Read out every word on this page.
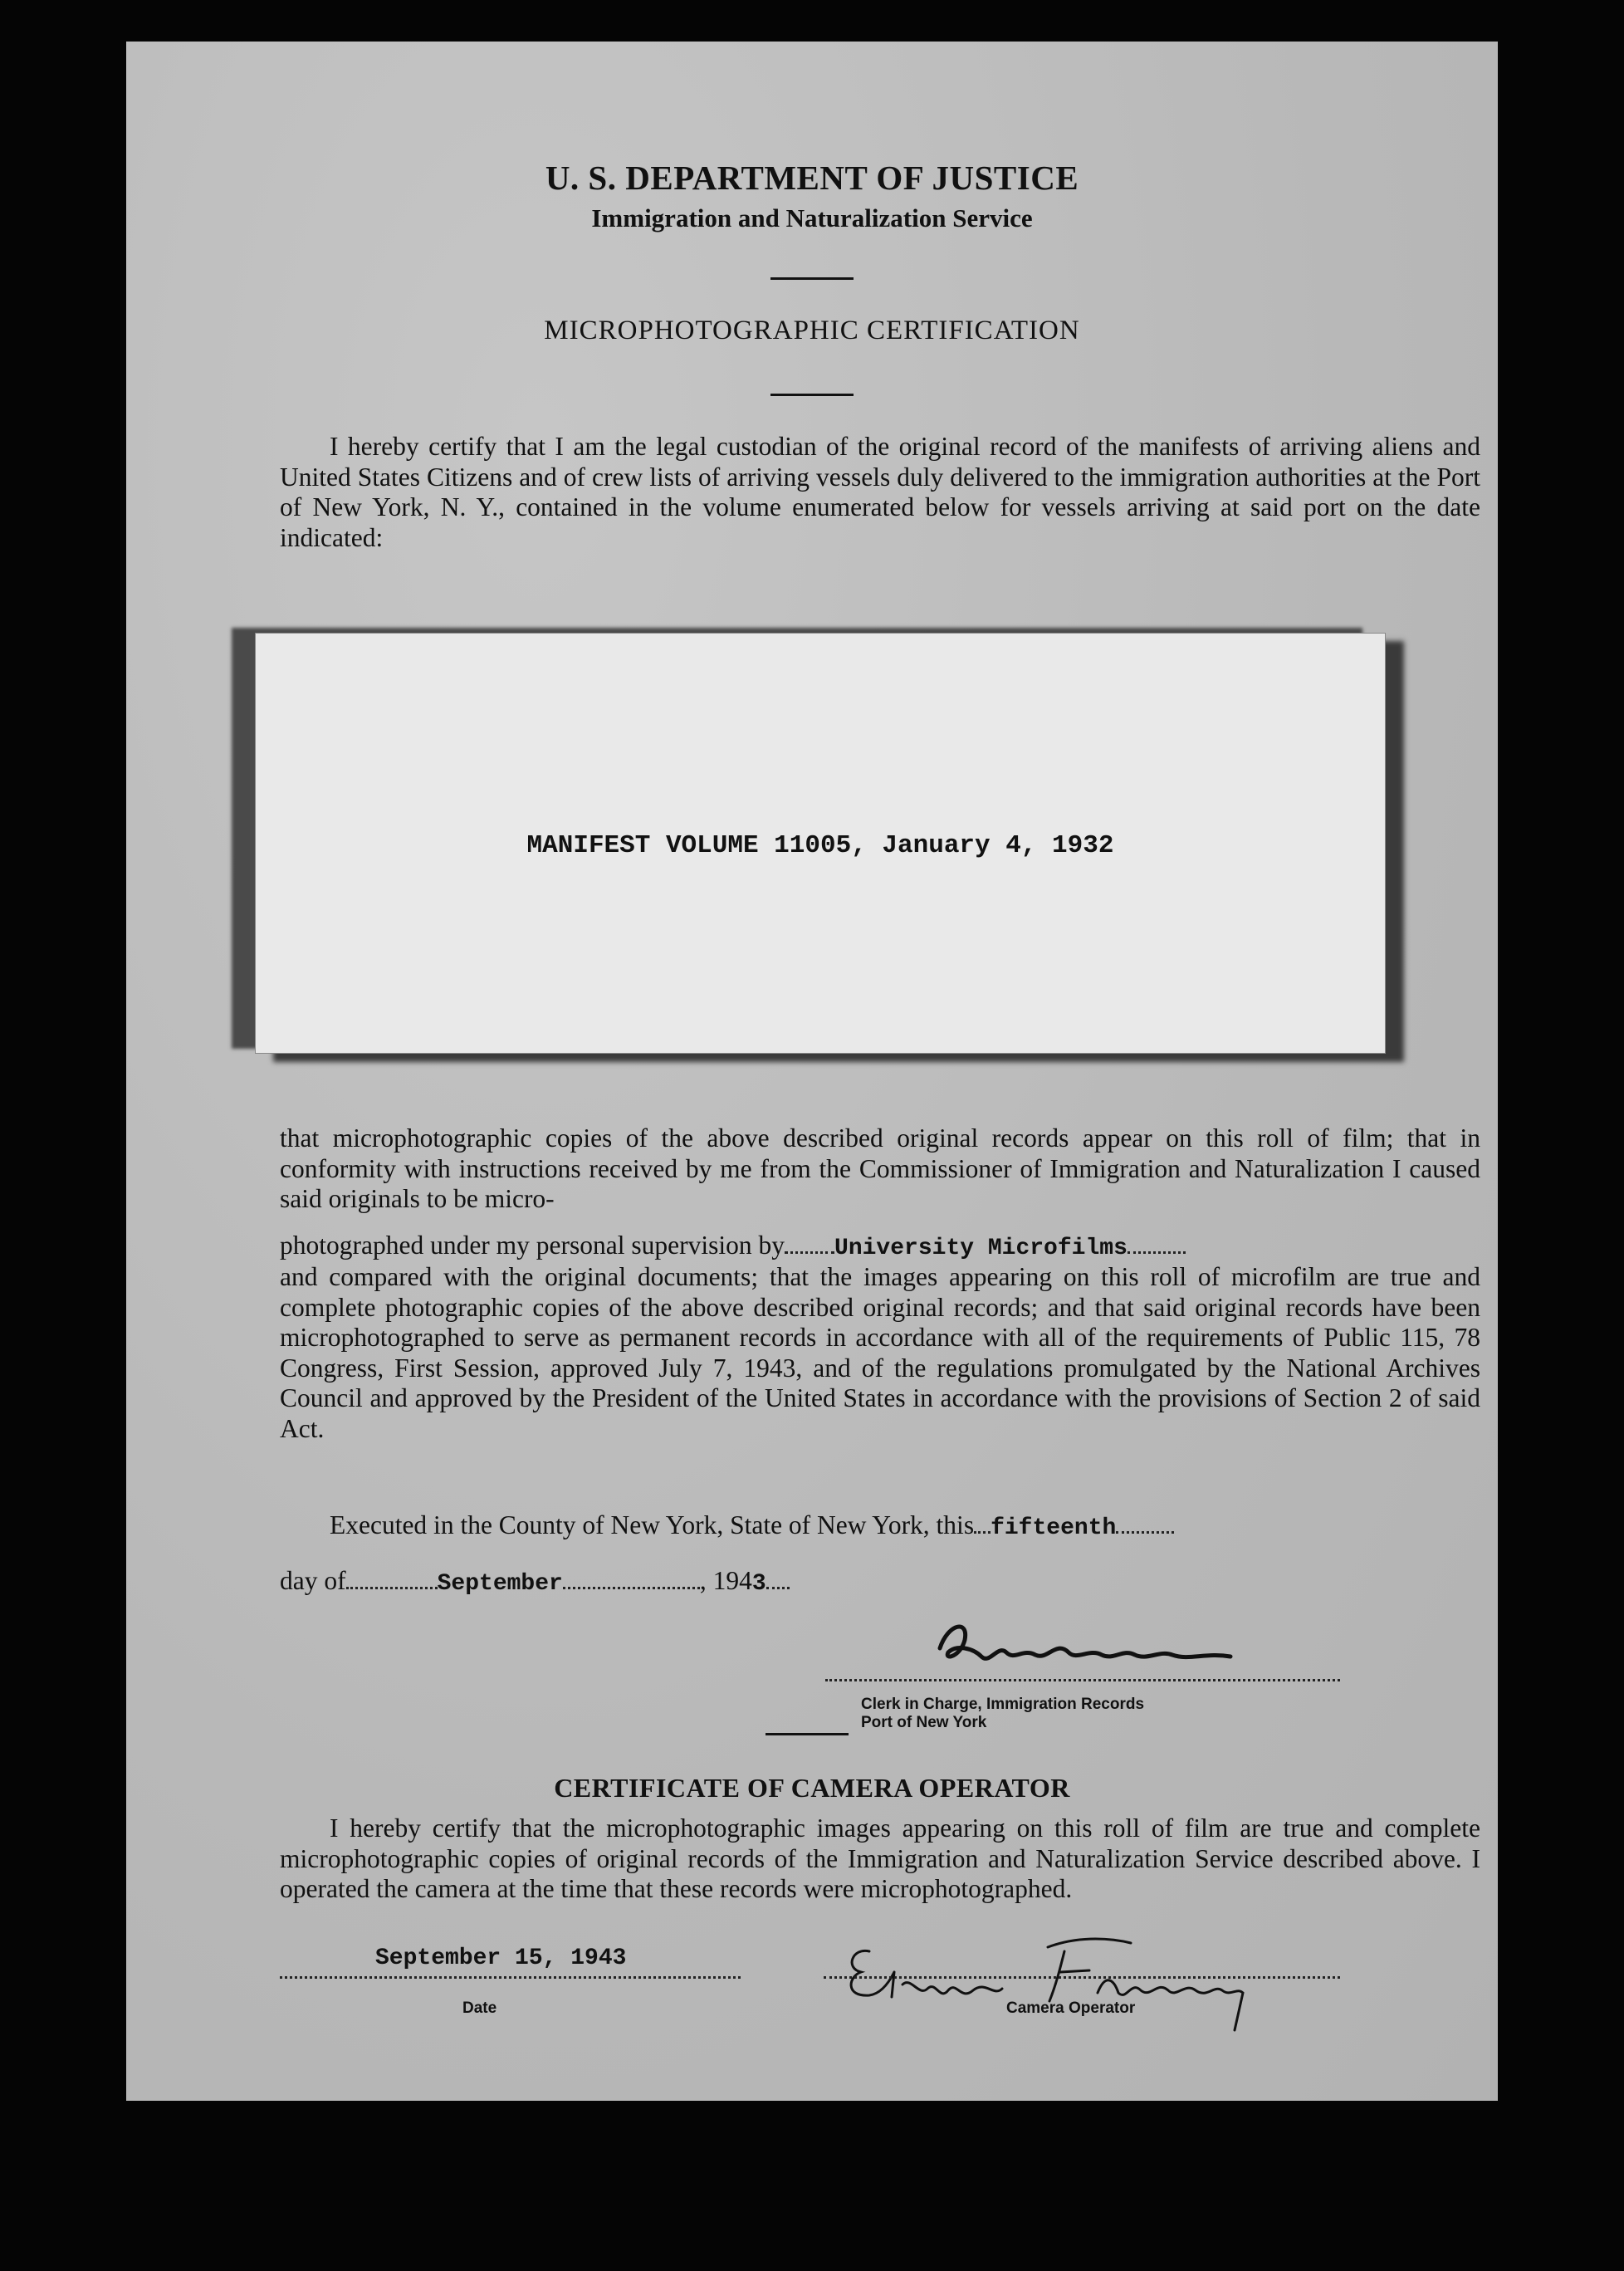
U. S. DEPARTMENT OF JUSTICE
Immigration and Naturalization Service
MICROPHOTOGRAPHIC CERTIFICATION
I hereby certify that I am the legal custodian of the original record of the manifests of arriving aliens and United States Citizens and of crew lists of arriving vessels duly delivered to the immigration authorities at the Port of New York, N. Y., contained in the volume enumerated below for vessels arriving at said port on the date indicated:
MANIFEST VOLUME 11005, January 4, 1932
that microphotographic copies of the above described original records appear on this roll of film; that in conformity with instructions received by me from the Commissioner of Immigration and Naturalization I caused said originals to be micro-
photographed under my personal supervision by University Microfilms
and compared with the original documents; that the images appearing on this roll of microfilm are true and complete photographic copies of the above described original records; and that said original records have been microphotographed to serve as permanent records in accordance with all of the requirements of Public 115, 78 Congress, First Session, approved July 7, 1943, and of the regulations promulgated by the National Archives Council and approved by the President of the United States in accordance with the provisions of Section 2 of said Act.
Executed in the County of New York, State of New York, this fifteenth
day of	September	, 1943
Clerk in Charge, Immigration Records
Port of New York
CERTIFICATE OF CAMERA OPERATOR
I hereby certify that the microphotographic images appearing on this roll of film are true and complete microphotographic copies of original records of the Immigration and Naturalization Service described above. I operated the camera at the time that these records were microphotographed.
September 15, 1943
Date	Camera Operator
